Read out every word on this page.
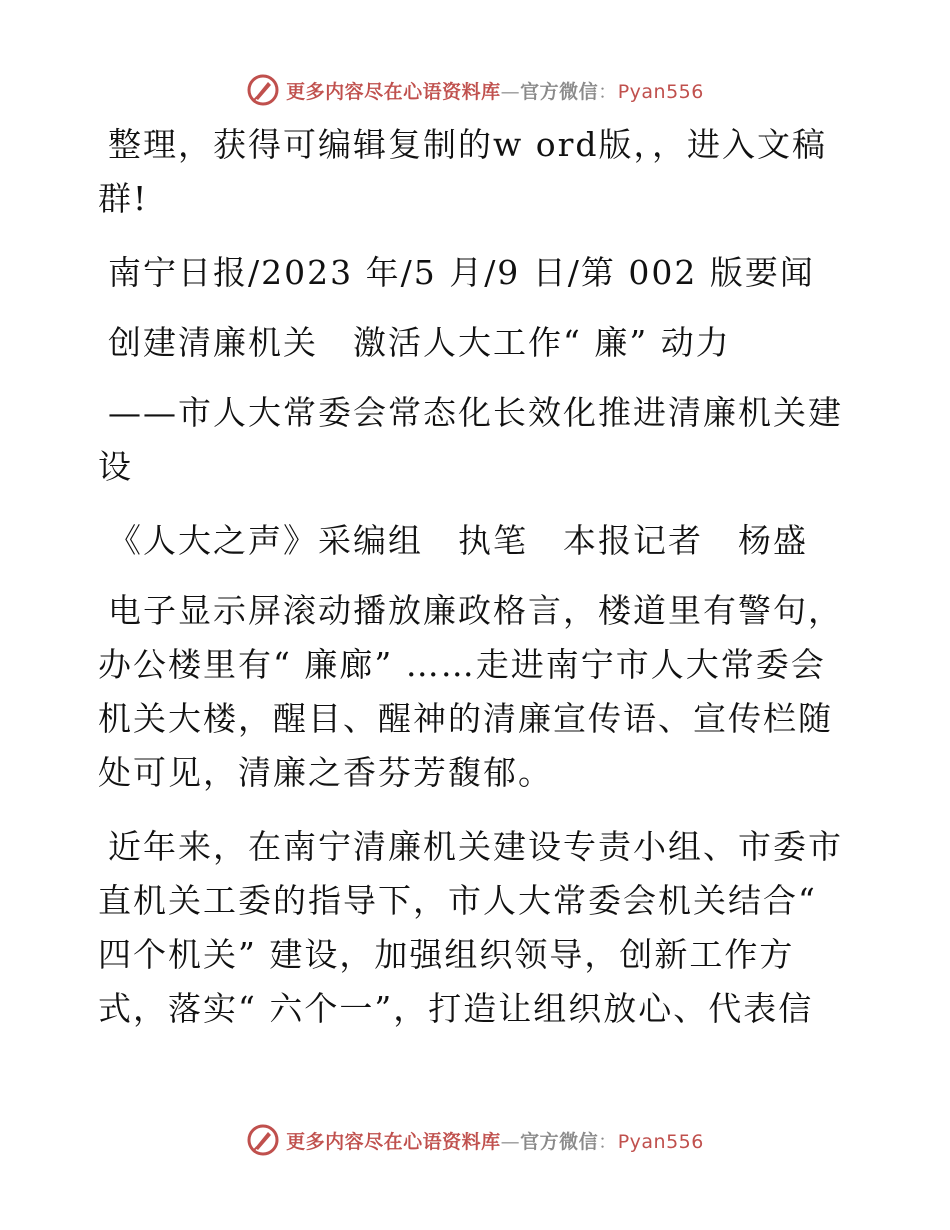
更多内容尽在心语资料库—官方微信：Pyan556

整理，获得可编辑复制的w ord版，，进入文稿群!

南宁日报/2023 年/5 月/9 日/第 002 版要闻

创建清廉机关　激活人大工作“ 廉” 动力

——市人大常委会常态化长效化推进清廉机关建设

《人大之声》采编组　执笔　本报记者　杨盛

电子显示屏滚动播放廉政格言，楼道里有警句，办公楼里有“ 廉廊” ……走进南宁市人大常委会机关大楼，醒目、醒神的清廉宣传语、宣传栏随处可见，清廉之香芬芳馥郁。

近年来，在南宁清廉机关建设专责小组、市委市直机关工委的指导下，市人大常委会机关结合“ 四个机关” 建设，加强组织领导，创新工作方式，落实“ 六个一”，打造让组织放心、代表信

更多内容尽在心语资料库—官方微信：Pyan556
